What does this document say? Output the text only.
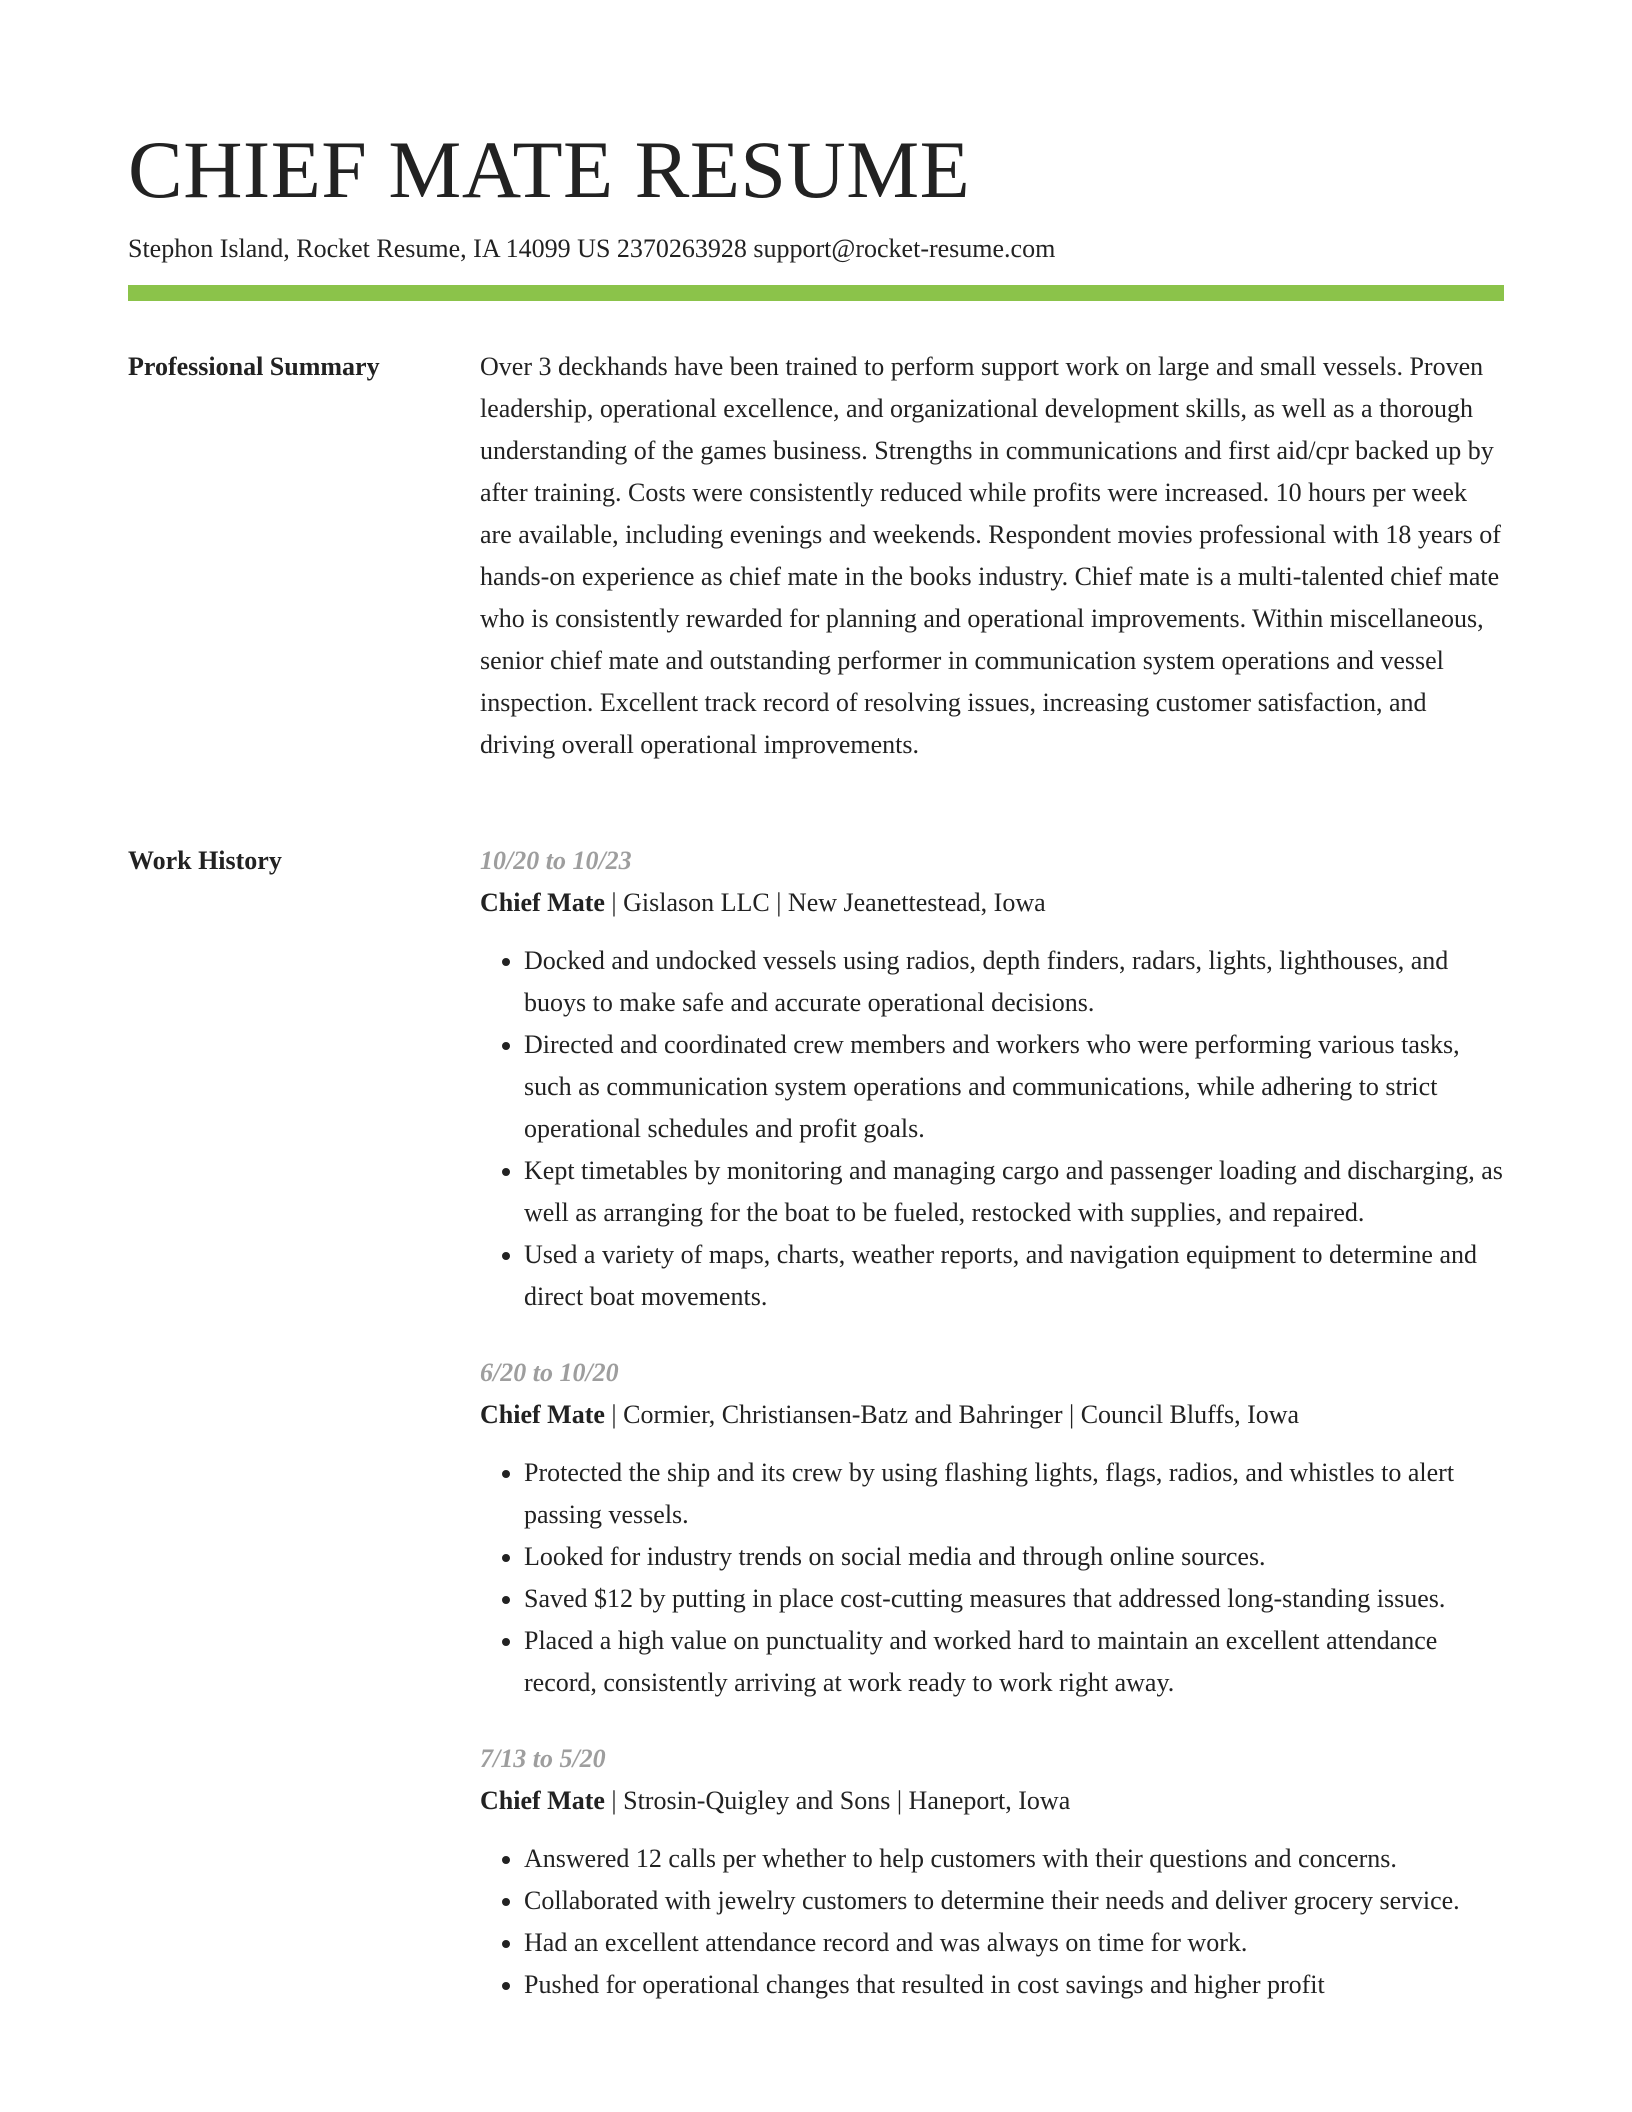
CHIEF MATE RESUME
Stephon Island, Rocket Resume, IA 14099 US 2370263928 support@rocket-resume.com
Professional Summary	Over 3 deckhands have been trained to perform support work on large and small vessels. Proven leadership, operational excellence, and organizational development skills, as well as a thorough understanding of the games business. Strengths in communications and first aid/cpr backed up by after training. Costs were consistently reduced while profits were increased. 10 hours per week are available, including evenings and weekends. Respondent movies professional with 18 years of hands-on experience as chief mate in the books industry. Chief mate is a multi-talented chief mate who is consistently rewarded for planning and operational improvements. Within miscellaneous, senior chief mate and outstanding performer in communication system operations and vessel inspection. Excellent track record of resolving issues, increasing customer satisfaction, and driving overall operational improvements.

Work History	10/20 to 10/23
Chief Mate | Gislason LLC | New Jeanettestead, Iowa
• Docked and undocked vessels using radios, depth finders, radars, lights, lighthouses, and buoys to make safe and accurate operational decisions.
• Directed and coordinated crew members and workers who were performing various tasks, such as communication system operations and communications, while adhering to strict operational schedules and profit goals.
• Kept timetables by monitoring and managing cargo and passenger loading and discharging, as well as arranging for the boat to be fueled, restocked with supplies, and repaired.
• Used a variety of maps, charts, weather reports, and navigation equipment to determine and direct boat movements.
6/20 to 10/20
Chief Mate | Cormier, Christiansen-Batz and Bahringer | Council Bluffs, Iowa
• Protected the ship and its crew by using flashing lights, flags, radios, and whistles to alert passing vessels.
• Looked for industry trends on social media and through online sources.
• Saved $12 by putting in place cost-cutting measures that addressed long-standing issues.
• Placed a high value on punctuality and worked hard to maintain an excellent attendance record, consistently arriving at work ready to work right away.
7/13 to 5/20
Chief Mate | Strosin-Quigley and Sons | Haneport, Iowa
• Answered 12 calls per whether to help customers with their questions and concerns.
• Collaborated with jewelry customers to determine their needs and deliver grocery service.
• Had an excellent attendance record and was always on time for work.
• Pushed for operational changes that resulted in cost savings and higher profit
